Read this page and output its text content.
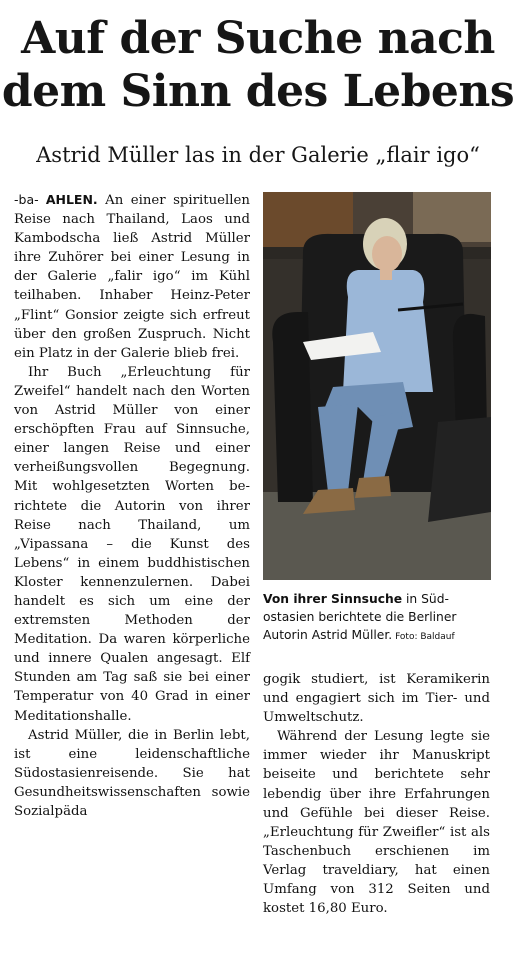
Auf der Suche nach
dem Sinn des Lebens
Astrid Müller las in der Galerie „flair igo“

-ba- AHLEN. An einer spirituellen Reise nach Thailand, Laos und Kambodscha ließ Astrid Müller ihre Zuhörer bei einer Lesung in der Galerie „falir igo“ im Kühl teilhaben. Inhaber Heinz-Peter „Flint“ Gonsior zeigte sich erfreut über den großen Zuspruch. Nicht ein Platz in der Galerie blieb frei.

Ihr Buch „Erleuchtung für Zweifel“ handelt nach den Worten von Astrid Müller von einer erschöpften Frau auf Sinnsuche, einer langen Reise und einer verheißungsvollen Begegnung. Mit wohlgesetzten Worten berichtete die Autorin von ihrer Reise nach Thailand, um „Vipassana – die Kunst des Lebens“ in einem buddhistischen Kloster kennenzulernen. Dabei handelt es sich um eine der extremsten Methoden der Meditation. Da waren körperliche und innere Qualen angesagt. Elf Stunden am Tag saß sie bei einer Temperatur von 40 Grad in einer Meditationshalle.

Astrid Müller, die in Berlin lebt, ist eine leidenschaftliche Südostasienreisende. Sie hat Gesundheitswissenschaften sowie Sozialpäda

Von ihrer Sinnsuche in Südostasien berichtete die Berliner Autorin Astrid Müller. Foto: Baldauf

gogik studiert, ist Keramikerin und engagiert sich im Tier- und Umweltschutz.

Während der Lesung legte sie immer wieder ihr Manuskript beiseite und berichtete sehr lebendig über ihre Erfahrungen und Gefühle bei dieser Reise. „Erleuchtung für Zweifler“ ist als Taschenbuch erschienen im Verlag traveldiary, hat einen Umfang von 312 Seiten und kostet 16,80 Euro.
